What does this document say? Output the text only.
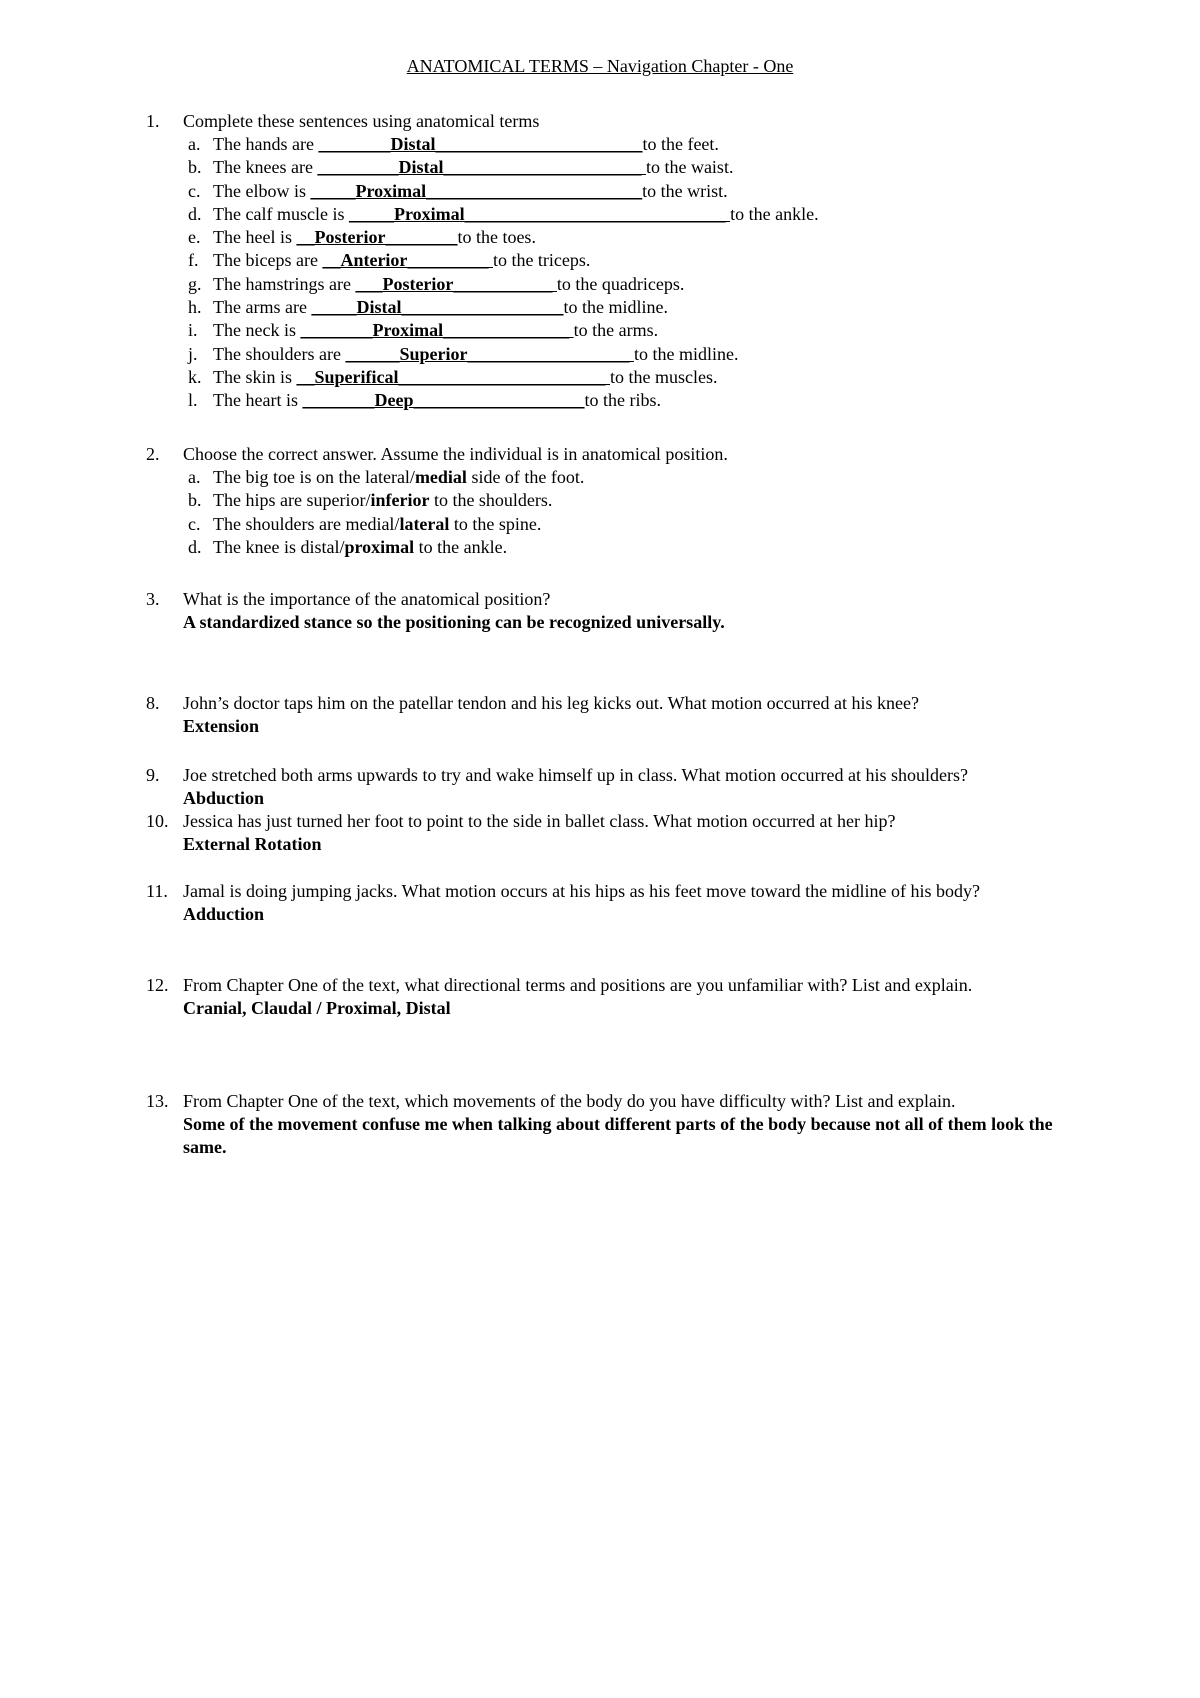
ANATOMICAL TERMS – Navigation Chapter - One
1.	Complete these sentences using anatomical terms
a. The hands are ________Distal_______________________to the feet.
b. The knees are _________Distal______________________ to the waist.
c. The elbow is _____Proximal________________________to the wrist.
d. The calf muscle is _____Proximal_____________________________ to the ankle.
e. The heel is __Posterior________to the toes.
f. The biceps are __Anterior_________ to the triceps.
g. The hamstrings are ___Posterior___________ to the quadriceps.
h. The arms are _____Distal__________________to the midline.
i. The neck is ________Proximal______________ to the arms.
j. The shoulders are ______Superior__________________ to the midline.
k. The skin is __Superifical_______________________ to the muscles.
l. The heart is ________Deep___________________to the ribs.
2.	Choose the correct answer. Assume the individual is in anatomical position.
a. The big toe is on the lateral/medial side of the foot.
b. The hips are superior/inferior to the shoulders.
c. The shoulders are medial/lateral to the spine.
d. The knee is distal/proximal to the ankle.
3.	What is the importance of the anatomical position?
A standardized stance so the positioning can be recognized universally.
8.	John’s doctor taps him on the patellar tendon and his leg kicks out. What motion occurred at his knee?
Extension
9.	Joe stretched both arms upwards to try and wake himself up in class. What motion occurred at his shoulders?
Abduction
10. Jessica has just turned her foot to point to the side in ballet class. What motion occurred at her hip?
External Rotation
11. Jamal is doing jumping jacks. What motion occurs at his hips as his feet move toward the midline of his body?
Adduction
12. From Chapter One of the text, what directional terms and positions are you unfamiliar with? List and explain.
Cranial, Claudal / Proximal, Distal
13. From Chapter One of the text, which movements of the body do you have difficulty with? List and explain.
Some of the movement confuse me when talking about different parts of the body because not all of them look the same.
